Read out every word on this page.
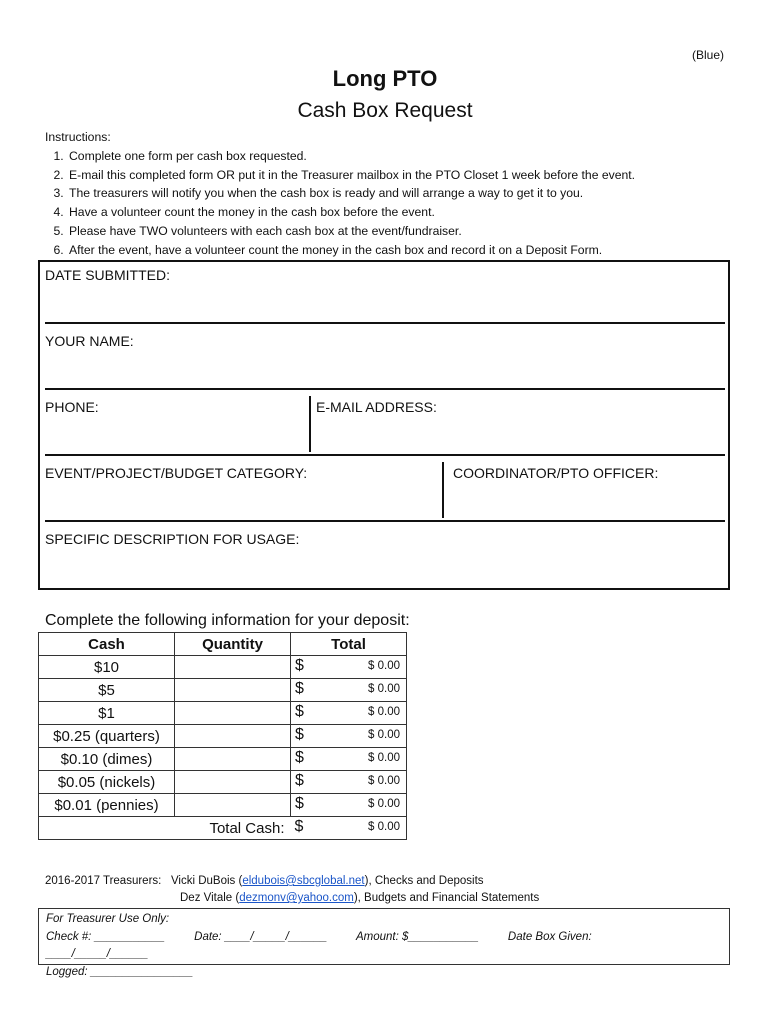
(Blue)
Long PTO
Cash Box Request
Instructions:
1. Complete one form per cash box requested.
2. E-mail this completed form OR put it in the Treasurer mailbox in the PTO Closet 1 week before the event.
3. The treasurers will notify you when the cash box is ready and will arrange a way to get it to you.
4. Have a volunteer count the money in the cash box before the event.
5. Please have TWO volunteers with each cash box at the event/fundraiser.
6. After the event, have a volunteer count the money in the cash box and record it on a Deposit Form.
DATE SUBMITTED:
YOUR NAME:
PHONE:	E-MAIL ADDRESS:
EVENT/PROJECT/BUDGET CATEGORY:	COORDINATOR/PTO OFFICER:
SPECIFIC DESCRIPTION FOR USAGE:
Complete the following information for your deposit:
Cash	Quantity	Total
$10		$ $ 0.00

$5		$ $ 0.00

$1		$ $ 0.00

$0.25 (quarters)		$ $ 0.00

$0.10 (dimes)		$ $ 0.00

$0.05 (nickels)		$ $ 0.00

$0.01 (pennies)		$ $ 0.00

Total Cash:		$ $ 0.00
2016-2017 Treasurers: Vicki DuBois (eldubois@sbcglobal.net), Checks and Deposits
Dez Vitale (dezmonv@yahoo.com), Budgets and Financial Statements
For Treasurer Use Only:
Check #: ___________	Date: ____/_____/______	Amount: $___________	Date Box Given: ____/_____/______
Logged: ________________
